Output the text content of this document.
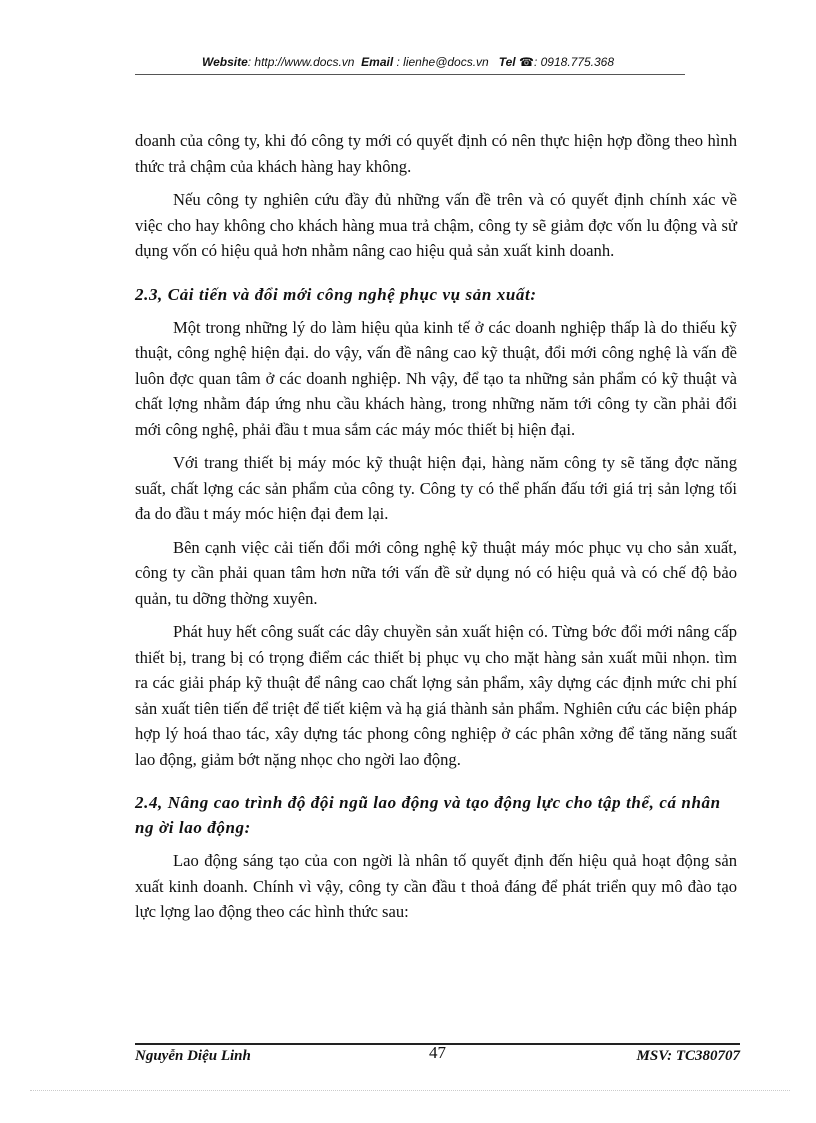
Website: http://www.docs.vn Email : lienhe@docs.vn Tel ☎: 0918.775.368

doanh của công ty, khi đó công ty mới có quyết định có nên thực hiện hợp đồng theo hình thức trả chậm của khách hàng hay không.

Nếu công ty nghiên cứu đầy đủ những vấn đề trên và có quyết định chính xác về việc cho hay không cho khách hàng mua trả chậm, công ty sẽ giảm đợc vốn lu động và sử dụng vốn có hiệu quả hơn nhằm nâng cao hiệu quả sản xuất kinh doanh.

2.3, Cải tiến và đổi mới công nghệ phục vụ sản xuất:

Một trong những lý do làm hiệu qủa kinh tế ở các doanh nghiệp thấp là do thiếu kỹ thuật, công nghệ hiện đại. do vậy, vấn đề nâng cao kỹ thuật, đổi mới công nghệ là vấn đề luôn đợc quan tâm ở các doanh nghiệp. Nh vậy, để tạo ta những sản phẩm có kỹ thuật và chất lợng nhằm đáp ứng nhu cầu khách hàng, trong những năm tới công ty cần phải đổi mới công nghệ, phải đầu t mua sắm các máy móc thiết bị hiện đại.

Với trang thiết bị máy móc kỹ thuật hiện đại, hàng năm công ty sẽ tăng đợc năng suất, chất lợng các sản phẩm của công ty. Công ty có thể phấn đấu tới giá trị sản lợng tối đa do đầu t máy móc hiện đại đem lại.

Bên cạnh việc cải tiến đổi mới công nghệ kỹ thuật máy móc phục vụ cho sản xuất, công ty cần phải quan tâm hơn nữa tới vấn đề sử dụng nó có hiệu quả và có chế độ bảo quản, tu dỡng thờng xuyên.

Phát huy hết công suất các dây chuyền sản xuất hiện có. Từng bớc đổi mới nâng cấp thiết bị, trang bị có trọng điểm các thiết bị phục vụ cho mặt hàng sản xuất mũi nhọn. tìm ra các giải pháp kỹ thuật để nâng cao chất lợng sản phẩm, xây dựng các định mức chi phí sản xuất tiên tiến để triệt để tiết kiệm và hạ giá thành sản phẩm. Nghiên cứu các biện pháp hợp lý hoá thao tác, xây dựng tác phong công nghiệp ở các phân xởng để tăng năng suất lao động, giảm bớt nặng nhọc cho ngời lao động.

2.4, Nâng cao trình độ đội ngũ lao động và tạo động lực cho tập thể, cá nhân ng ời lao động:

Lao động sáng tạo của con ngời là nhân tố quyết định đến hiệu quả hoạt động sản xuất kinh doanh. Chính vì vậy, công ty cần đầu t thoả đáng để phát triển quy mô đào tạo lực lợng lao động theo các hình thức sau:

Nguyễn Diệu Linh	47	MSV: TC380707
